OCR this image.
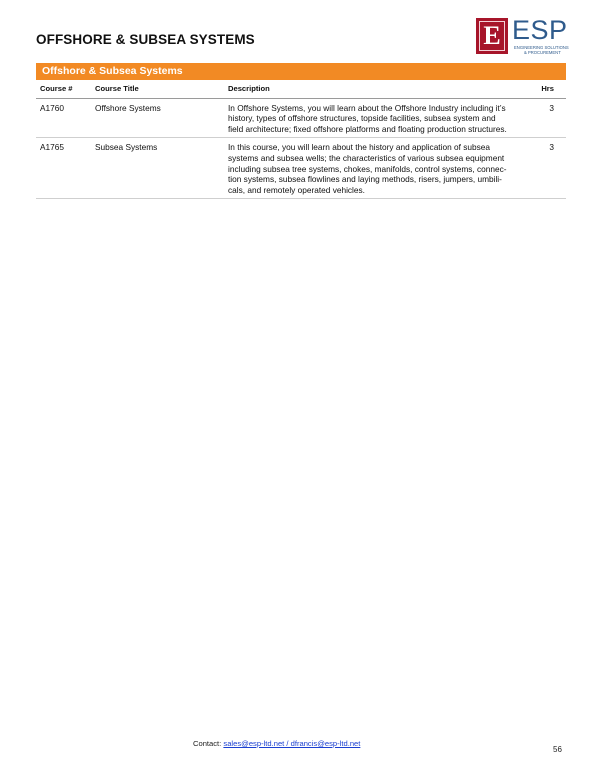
OFFSHORE & SUBSEA SYSTEMS	E ESP
ENGINEERING SOLUTIONS
& PROCUREMENT
Offshore & Subsea Systems
Course #	Course Title	Description	Hrs
A1760	Offshore Systems	In Offshore Systems, you will learn about the Offshore Industry including it’s
history, types of offshore structures, topside facilities, subsea system and
field architecture; fixed offshore platforms and floating production structures.	3
A1765	Subsea Systems	In this course, you will learn about the history and application of subsea
systems and subsea wells; the characteristics of various subsea equipment
including subsea tree systems, chokes, manifolds, control systems, connec-
tion systems, subsea flowlines and laying methods, risers, jumpers, umbili-
cals, and remotely operated vehicles.	3
Contact: sales@esp-ltd.net / dfrancis@esp-ltd.net
56
